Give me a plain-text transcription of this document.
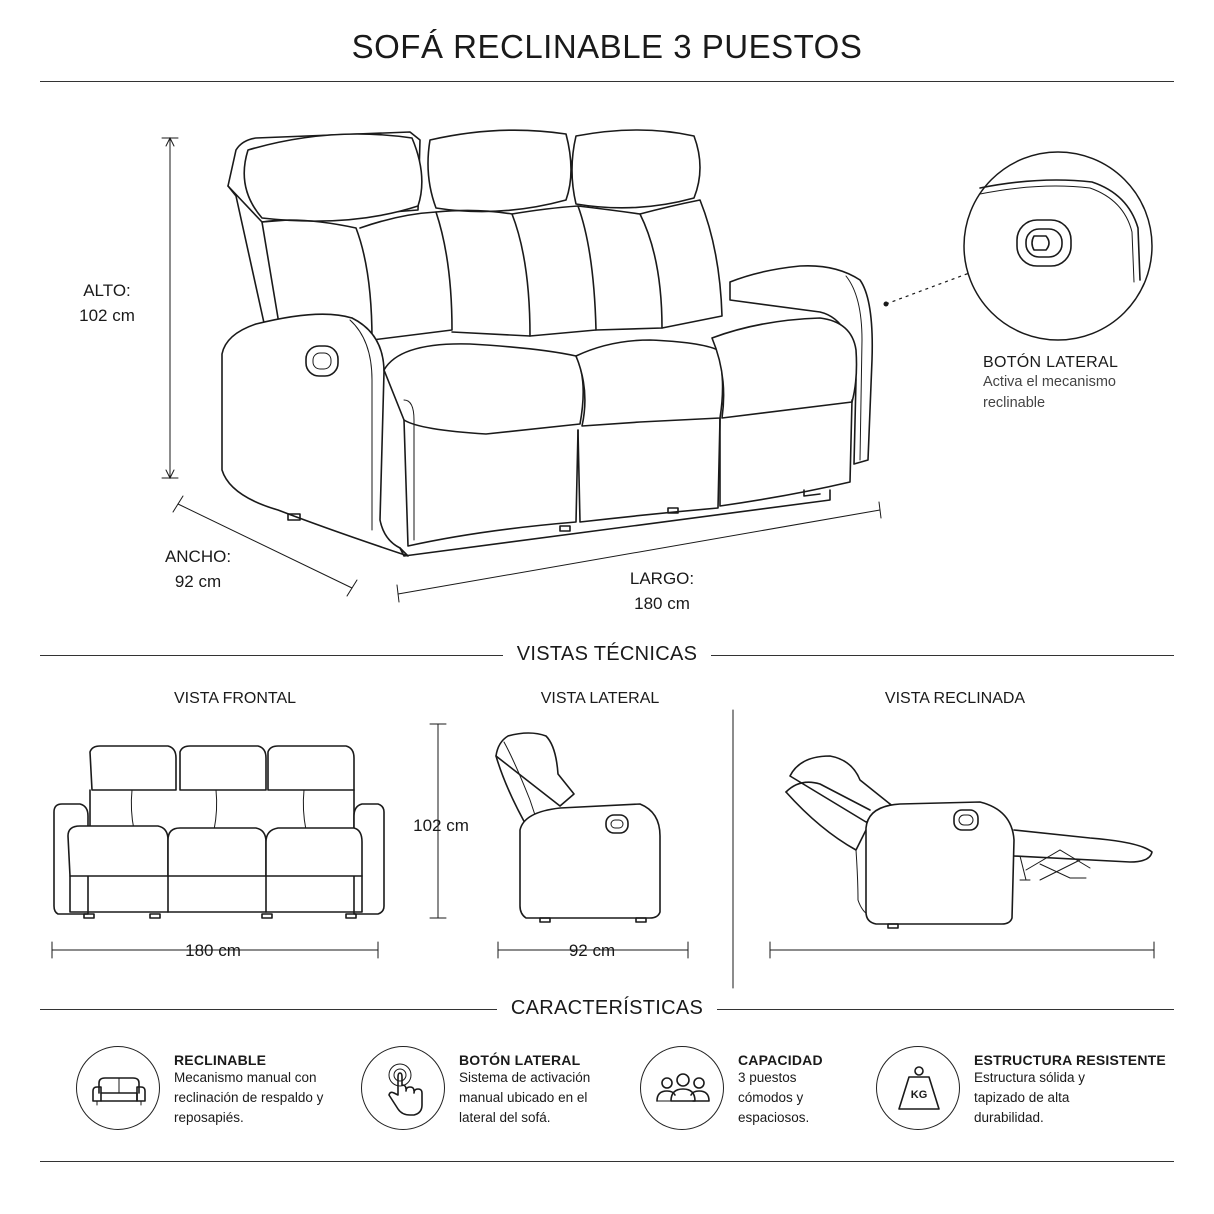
SOFÁ RECLINABLE 3 PUESTOS
ALTO:
102 cm
ANCHO:
92 cm	LARGO:
180 cm
BOTÓN LATERAL
Activa el mecanismo reclinable
VISTAS TÉCNICAS
VISTA FRONTAL	VISTA LATERAL	VISTA RECLINADA
180 cm
102 cm
92 cm
CARACTERÍSTICAS
RECLINABLE
Mecanismo manual con reclinación de respaldo y reposapiés.
BOTÓN LATERAL
Sistema de activación manual ubicado en el lateral del sofá.
CAPACIDAD
3 puestos cómodos y espaciosos.
KG
ESTRUCTURA RESISTENTE
Estructura sólida y tapizado de alta durabilidad.
